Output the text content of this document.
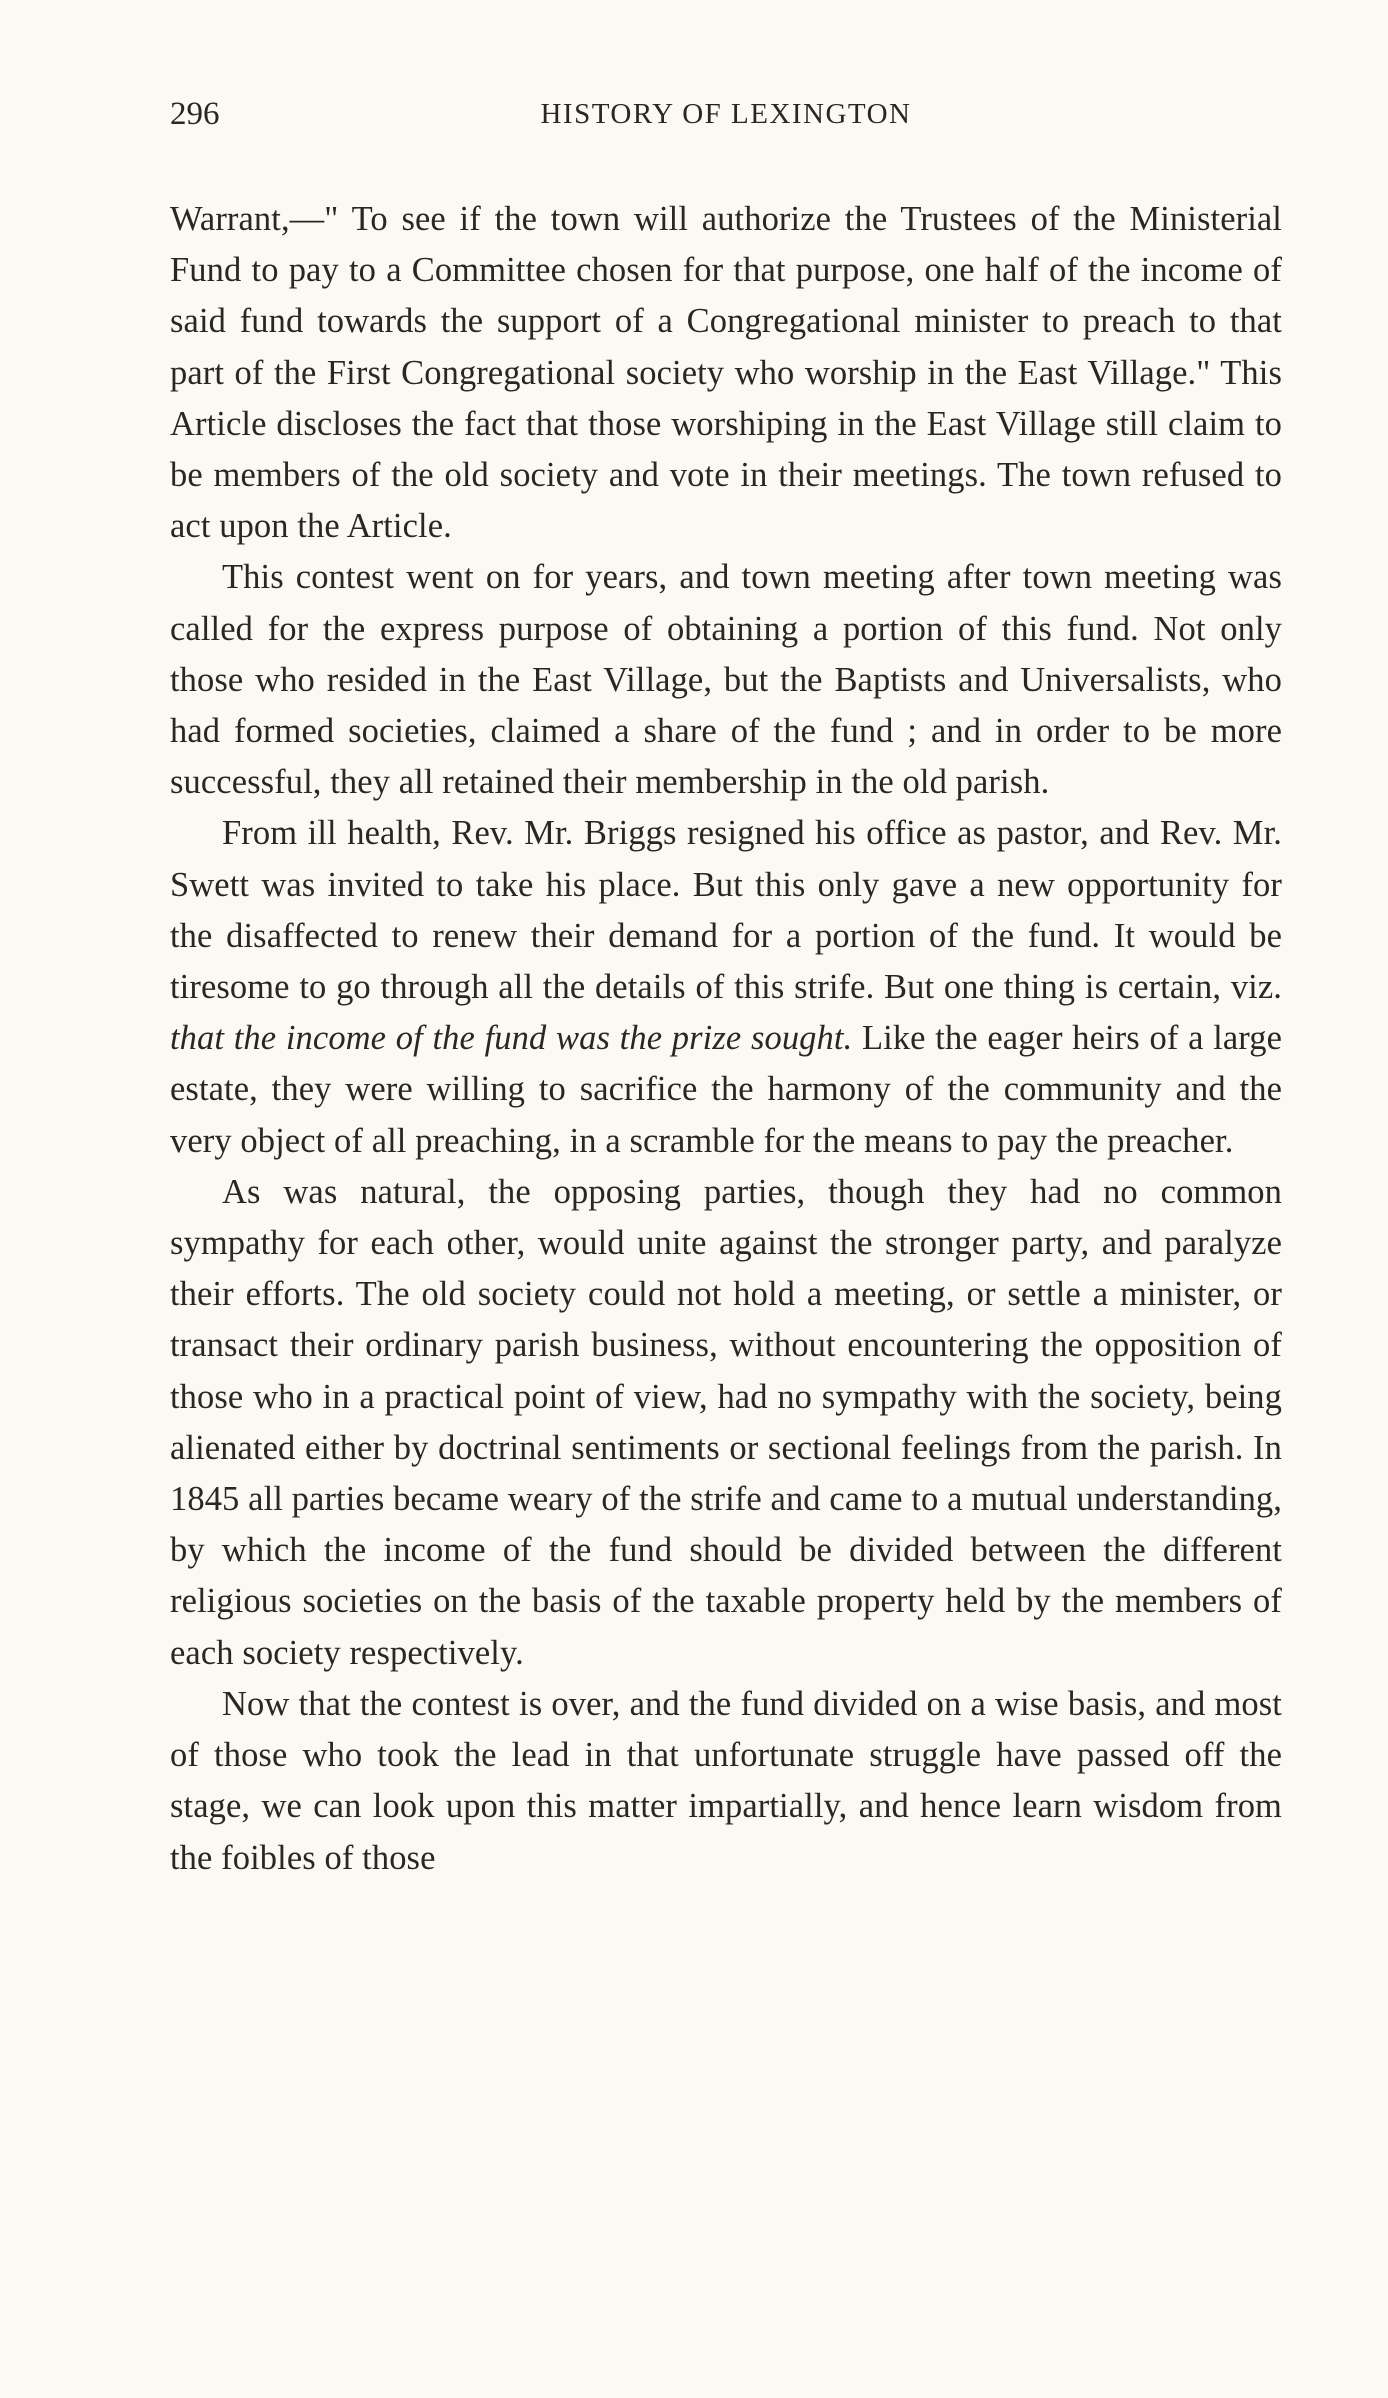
296	HISTORY OF LEXINGTON

Warrant,—" To see if the town will authorize the Trustees of the Ministerial Fund to pay to a Committee chosen for that purpose, one half of the income of said fund towards the support of a Congregational minister to preach to that part of the First Congregational society who worship in the East Village." This Article discloses the fact that those worshiping in the East Village still claim to be members of the old society and vote in their meetings. The town refused to act upon the Article.

This contest went on for years, and town meeting after town meeting was called for the express purpose of obtaining a portion of this fund. Not only those who resided in the East Village, but the Baptists and Universalists, who had formed societies, claimed a share of the fund ; and in order to be more successful, they all retained their membership in the old parish.

From ill health, Rev. Mr. Briggs resigned his office as pastor, and Rev. Mr. Swett was invited to take his place. But this only gave a new opportunity for the disaffected to renew their demand for a portion of the fund. It would be tiresome to go through all the details of this strife. But one thing is certain, viz. that the income of the fund was the prize sought. Like the eager heirs of a large estate, they were willing to sacrifice the harmony of the community and the very object of all preaching, in a scramble for the means to pay the preacher.

As was natural, the opposing parties, though they had no common sympathy for each other, would unite against the stronger party, and paralyze their efforts. The old society could not hold a meeting, or settle a minister, or transact their ordinary parish business, without encountering the opposition of those who in a practical point of view, had no sympathy with the society, being alienated either by doctrinal sentiments or sectional feelings from the parish. In 1845 all parties became weary of the strife and came to a mutual understanding, by which the income of the fund should be divided between the different religious societies on the basis of the taxable property held by the members of each society respectively.

Now that the contest is over, and the fund divided on a wise basis, and most of those who took the lead in that unfortunate struggle have passed off the stage, we can look upon this matter impartially, and hence learn wisdom from the foibles of those
